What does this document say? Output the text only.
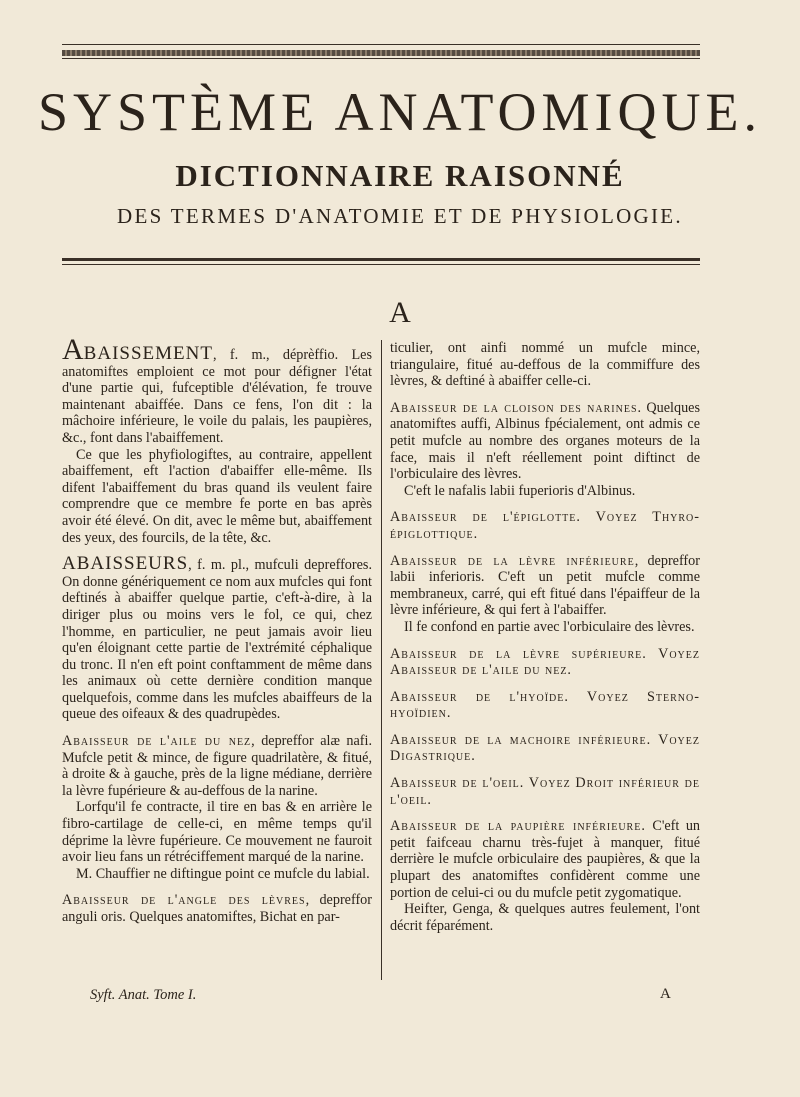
SYSTÈME ANATOMIQUE.
DICTIONNAIRE RAISONNÉ
DES TERMES D'ANATOMIE ET DE PHYSIOLOGIE.
A

ABAISSEMENT, f. m., déprèffio. Les anatomiftes emploient ce mot pour défigner l'état d'une partie qui, fufceptible d'élévation, fe trouve maintenant abaiffée. Dans ce fens, l'on dit : la mâchoire inférieure, le voile du palais, les paupières, &c., font dans l'abaiffement.

Ce que les phyfiologiftes, au contraire, appellent abaiffement, eft l'action d'abaiffer elle-même. Ils difent l'abaiffement du bras quand ils veulent faire comprendre que ce membre fe porte en bas après avoir été élevé. On dit, avec le même but, abaiffement des yeux, des fourcils, de la tête, &c.

ABAISSEURS, f. m. pl., mufculi depreffores. On donne génériquement ce nom aux mufcles qui font deftinés à abaiffer quelque partie, c'eft-à-dire, à la diriger plus ou moins vers le fol, ce qui, chez l'homme, en particulier, ne peut jamais avoir lieu qu'en éloignant cette partie de l'extrémité céphalique du tronc. Il n'en eft point conftamment de même dans les animaux où cette dernière condition manque quelquefois, comme dans les mufcles abaiffeurs de la queue des oifeaux & des quadrupèdes.

Abaisseur de l'aile du nez, depreffor alæ nafi. Mufcle petit & mince, de figure quadrilatère, & fitué, à droite & à gauche, près de la ligne médiane, derrière la lèvre fupérieure & au-deffous de la narine.

Lorfqu'il fe contracte, il tire en bas & en arrière le fibro-cartilage de celle-ci, en même temps qu'il déprime la lèvre fupérieure. Ce mouvement ne fauroit avoir lieu fans un rétréciffement marqué de la narine.

M. Chauffier ne diftingue point ce mufcle du labial.

Abaisseur de l'angle des lèvres, depreffor anguli oris. Quelques anatomiftes, Bichat en par-

ticulier, ont ainfi nommé un mufcle mince, triangulaire, fitué au-deffous de la commiffure des lèvres, & deftiné à abaiffer celle-ci.

Abaisseur de la cloison des narines. Quelques anatomiftes auffi, Albinus fpécialement, ont admis ce petit mufcle au nombre des organes moteurs de la face, mais il n'eft réellement point diftinct de l'orbiculaire des lèvres.

C'eft le nafalis labii fuperioris d'Albinus.

Abaisseur de l'épiglotte. Voyez Thyro-épiglottique.

Abaisseur de la lèvre inférieure, depreffor labii inferioris. C'eft un petit mufcle comme membraneux, carré, qui eft fitué dans l'épaiffeur de la lèvre inférieure, & qui fert à l'abaiffer.

Il fe confond en partie avec l'orbiculaire des lèvres.

Abaisseur de la lèvre supérieure. Voyez Abaisseur de l'aile du nez.

Abaisseur de l'hyoïde. Voyez Sterno-hyoïdien.

Abaisseur de la machoire inférieure. Voyez Digastrique.

Abaisseur de l'oeil. Voyez Droit inférieur de l'oeil.

Abaisseur de la paupière inférieure. C'eft un petit faifceau charnu très-fujet à manquer, fitué derrière le mufcle orbiculaire des paupières, & que la plupart des anatomiftes confidèrent comme une portion de celui-ci ou du mufcle petit zygomatique.

Heifter, Genga, & quelques autres feulement, l'ont décrit féparément.

Syft. Anat. Tome I.	A
